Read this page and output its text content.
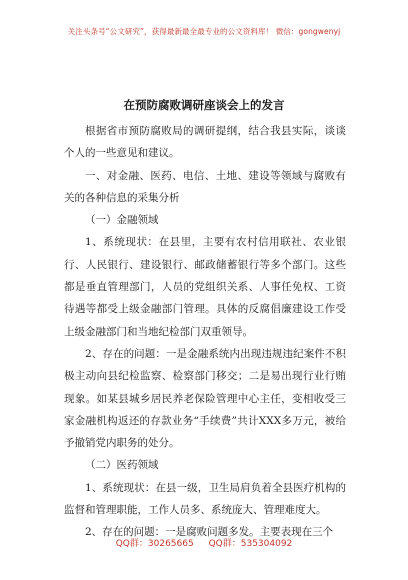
关注头条号“公文研究”，获得最新最全最专业的公文资料库！ 微信：gongwenyj
在预防腐败调研座谈会上的发言

根据省市预防腐败局的调研提纲，结合我县实际，谈谈个人的一些意见和建议。

一、对金融、医药、电信、土地、建设等领域与腐败有关的各种信息的采集分析

（一）金融领域

1、系统现状：在县里，主要有农村信用联社、农业银行、人民银行、建设银行、邮政储蓄银行等多个部门。这些都是垂直管理部门，人员的党组织关系、人事任免权、工资待遇等都受上级金融部门管理。具体的反腐倡廉建设工作受上级金融部门和当地纪检部门双重领导。

2、存在的问题：一是金融系统内出现违规违纪案件不积极主动向县纪检监察、检察部门移交；二是易出现行业行贿现象。如某县城乡居民养老保险管理中心主任，变相收受三家金融机构返还的存款业务“手续费”共计XXX多万元，被给予撤销党内职务的处分。

（二）医药领域

1、系统现状：在县一级，卫生局肩负着全县医疗机构的监督和管理职能，工作人员多、系统庞大、管理难度大。

2、存在的问题：一是腐败问题多发。主要表现在三个

QQ群：30265665 QQ群：535304092
